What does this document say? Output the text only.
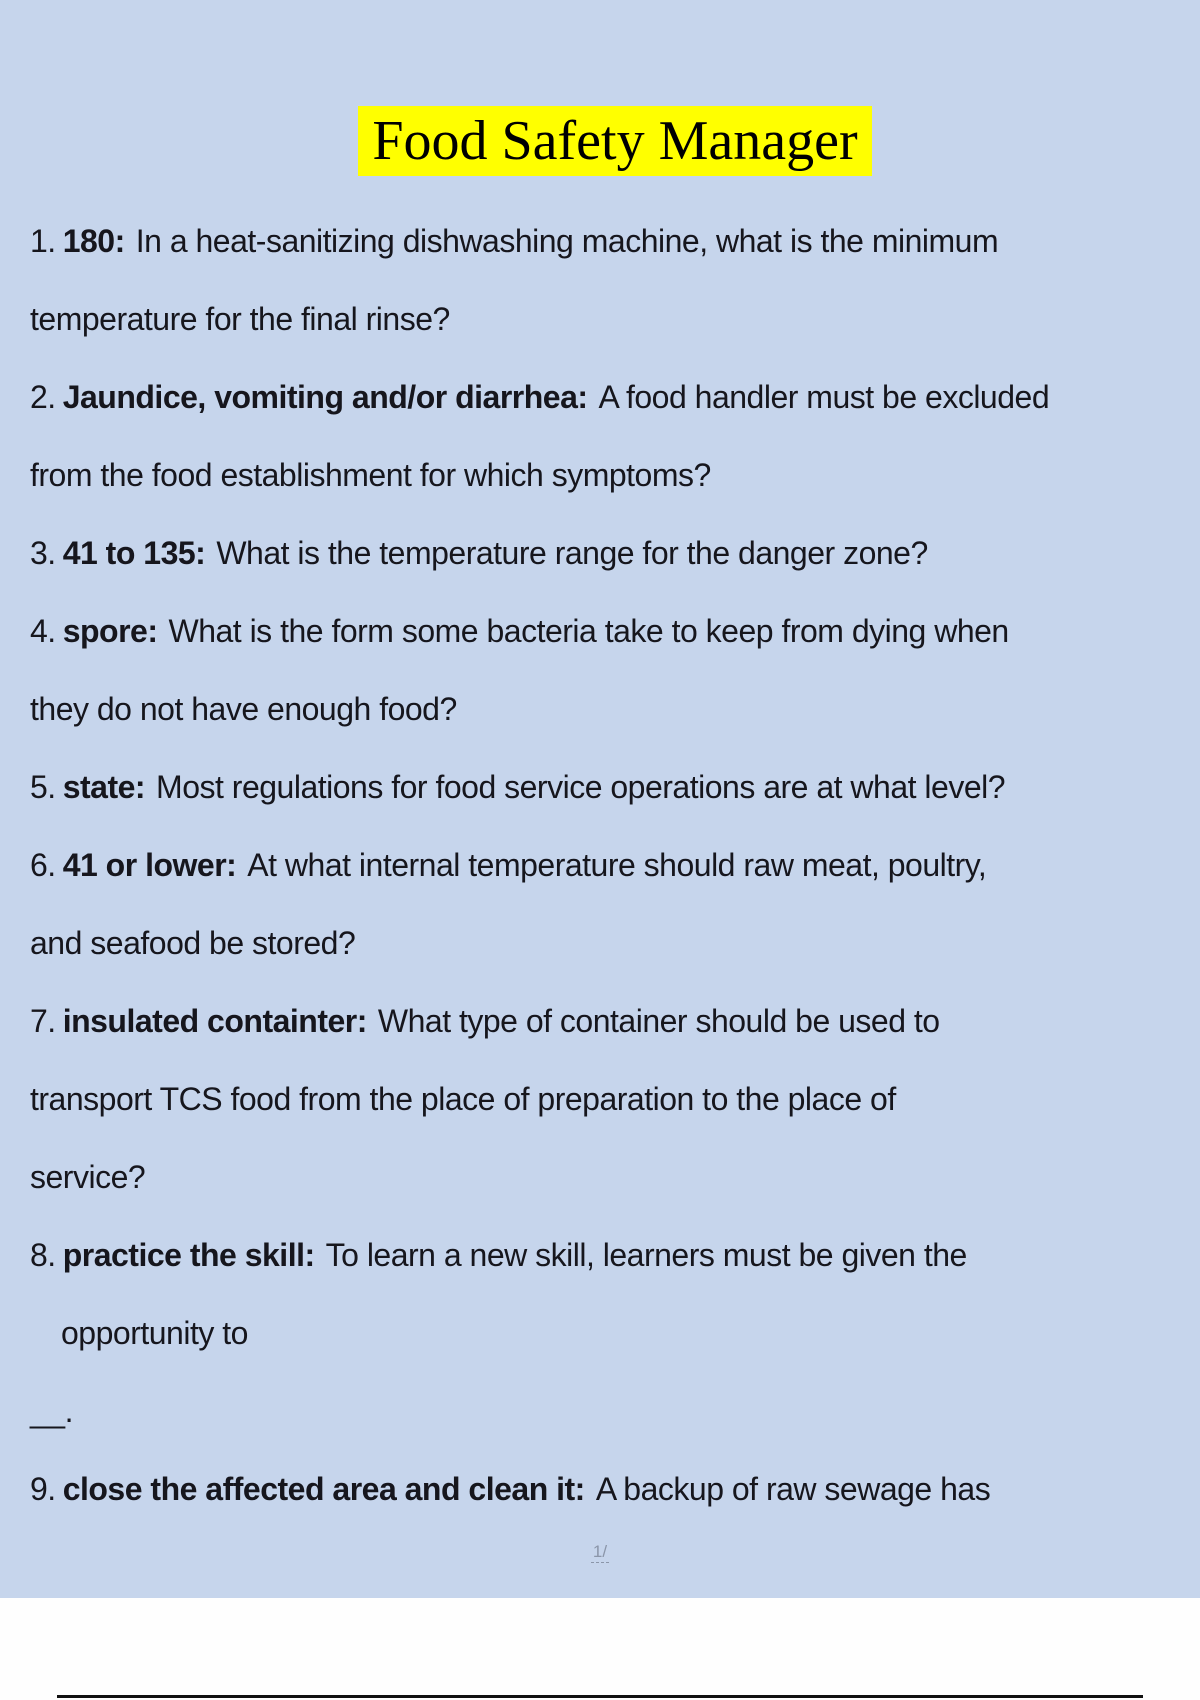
Food Safety Manager
1. 180: In a heat-sanitizing dishwashing machine, what is the minimum
temperature for the final rinse?
2. Jaundice, vomiting and/or diarrhea: A food handler must be excluded
from the food establishment for which symptoms?
3. 41 to 135: What is the temperature range for the danger zone?
4. spore: What is the form some bacteria take to keep from dying when
they do not have enough food?
5. state: Most regulations for food service operations are at what level?
6. 41 or lower: At what internal temperature should raw meat, poultry,
and seafood be stored?
7. insulated containter: What type of container should be used to
transport TCS food from the place of preparation to the place of
service?
8. practice the skill: To learn a new skill, learners must be given the
opportunity to
__.
9. close the affected area and clean it: A backup of raw sewage has
1/
